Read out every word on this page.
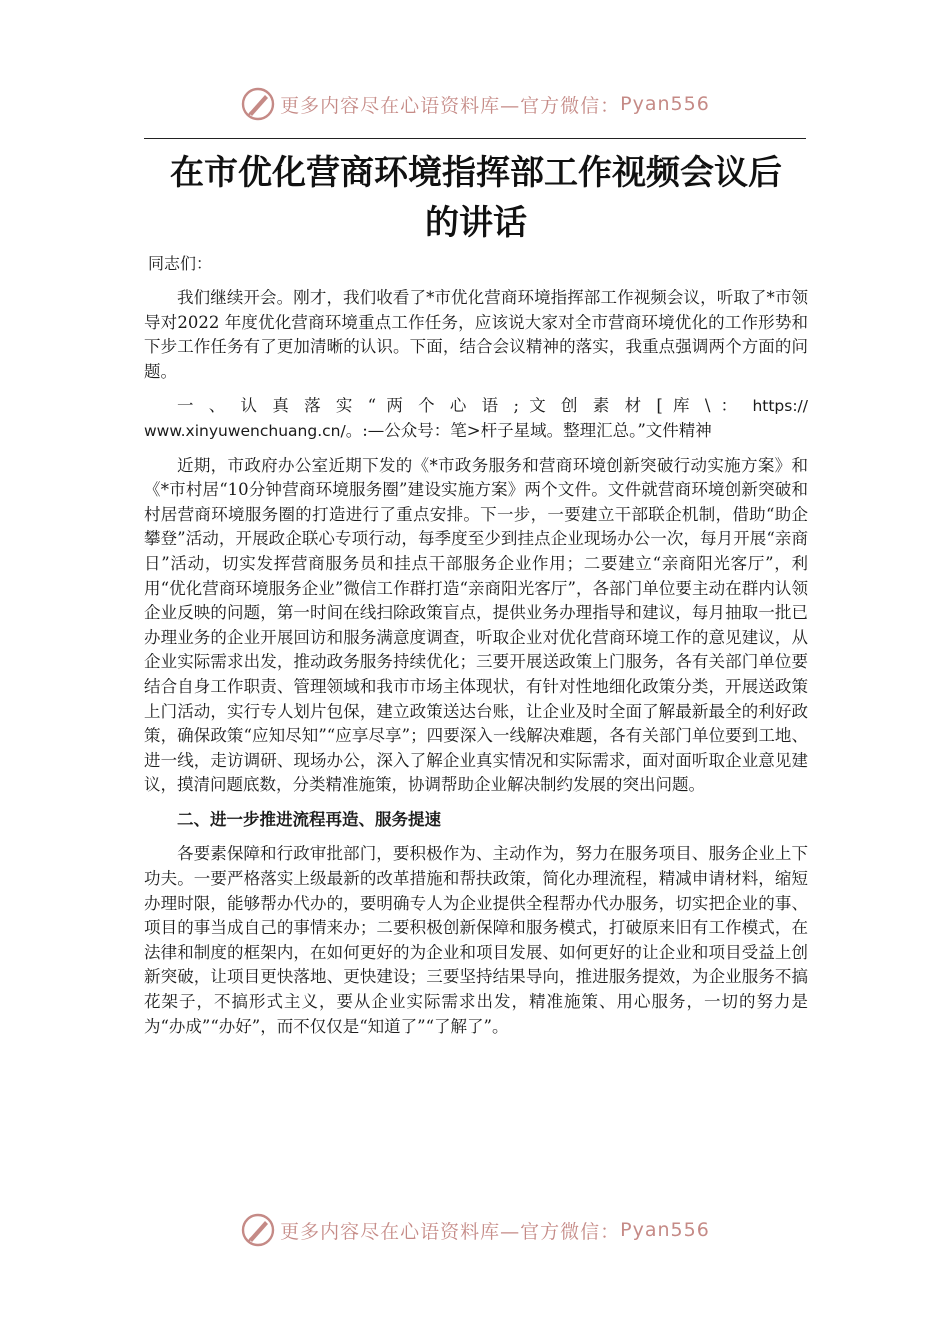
更多内容尽在心语资料库—官方微信： Pyan556
在市优化营商环境指挥部工作视频会议后
的讲话
同志们：

我们继续开会。刚才，我们收看了*市优化营商环境指挥部工作视频会议，听取了*市领导对2022 年度优化营商环境重点工作任务，应该说大家对全市营商环境优化的工作形势和下步工作任务有了更加清晰的认识。下面，结合会议精神的落实，我重点强调两个方面的问题。

一 、 认 真 落 实 “ 两 个 心 语 ; 文 创 素 材 [ 库 \ ： https://

www.xinyuwenchuang.cn/。:—公众号：笔>杆子星域。整理汇总。”文件精神

近期，市政府办公室近期下发的《*市政务服务和营商环境创新突破行动实施方案》和《*市村居“10分钟营商环境服务圈”建设实施方案》两个文件。文件就营商环境创新突破和村居营商环境服务圈的打造进行了重点安排。下一步，一要建立干部联企机制，借助“助企攀登”活动，开展政企联心专项行动，每季度至少到挂点企业现场办公一次，每月开展“亲商日”活动，切实发挥营商服务员和挂点干部服务企业作用；二要建立“亲商阳光客厅”，利用“优化营商环境服务企业”微信工作群打造“亲商阳光客厅”，各部门单位要主动在群内认领企业反映的问题，第一时间在线扫除政策盲点，提供业务办理指导和建议，每月抽取一批已办理业务的企业开展回访和服务满意度调查，听取企业对优化营商环境工作的意见建议，从企业实际需求出发，推动政务服务持续优化；三要开展送政策上门服务，各有关部门单位要结合自身工作职责、管理领域和我市市场主体现状，有针对性地细化政策分类，开展送政策上门活动，实行专人划片包保，建立政策送达台账，让企业及时全面了解最新最全的利好政策，确保政策“应知尽知”“应享尽享”；四要深入一线解决难题，各有关部门单位要到工地、进一线，走访调研、现场办公，深入了解企业真实情况和实际需求，面对面听取企业意见建议，摸清问题底数，分类精准施策，协调帮助企业解决制约发展的突出问题。

二、进一步推进流程再造、服务提速

各要素保障和行政审批部门，要积极作为、主动作为，努力在服务项目、服务企业上下功夫。一要严格落实上级最新的改革措施和帮扶政策，简化办理流程，精减申请材料，缩短办理时限，能够帮办代办的，要明确专人为企业提供全程帮办代办服务，切实把企业的事、项目的事当成自己的事情来办；二要积极创新保障和服务模式，打破原来旧有工作模式，在法律和制度的框架内，在如何更好的为企业和项目发展、如何更好的让企业和项目受益上创新突破，让项目更快落地、更快建设；三要坚持结果导向，推进服务提效，为企业服务不搞花架子，不搞形式主义，要从企业实际需求出发，精准施策、用心服务，一切的努力是为“办成”“办好”，而不仅仅是“知道了”“了解了”。

更多内容尽在心语资料库—官方微信： Pyan556
